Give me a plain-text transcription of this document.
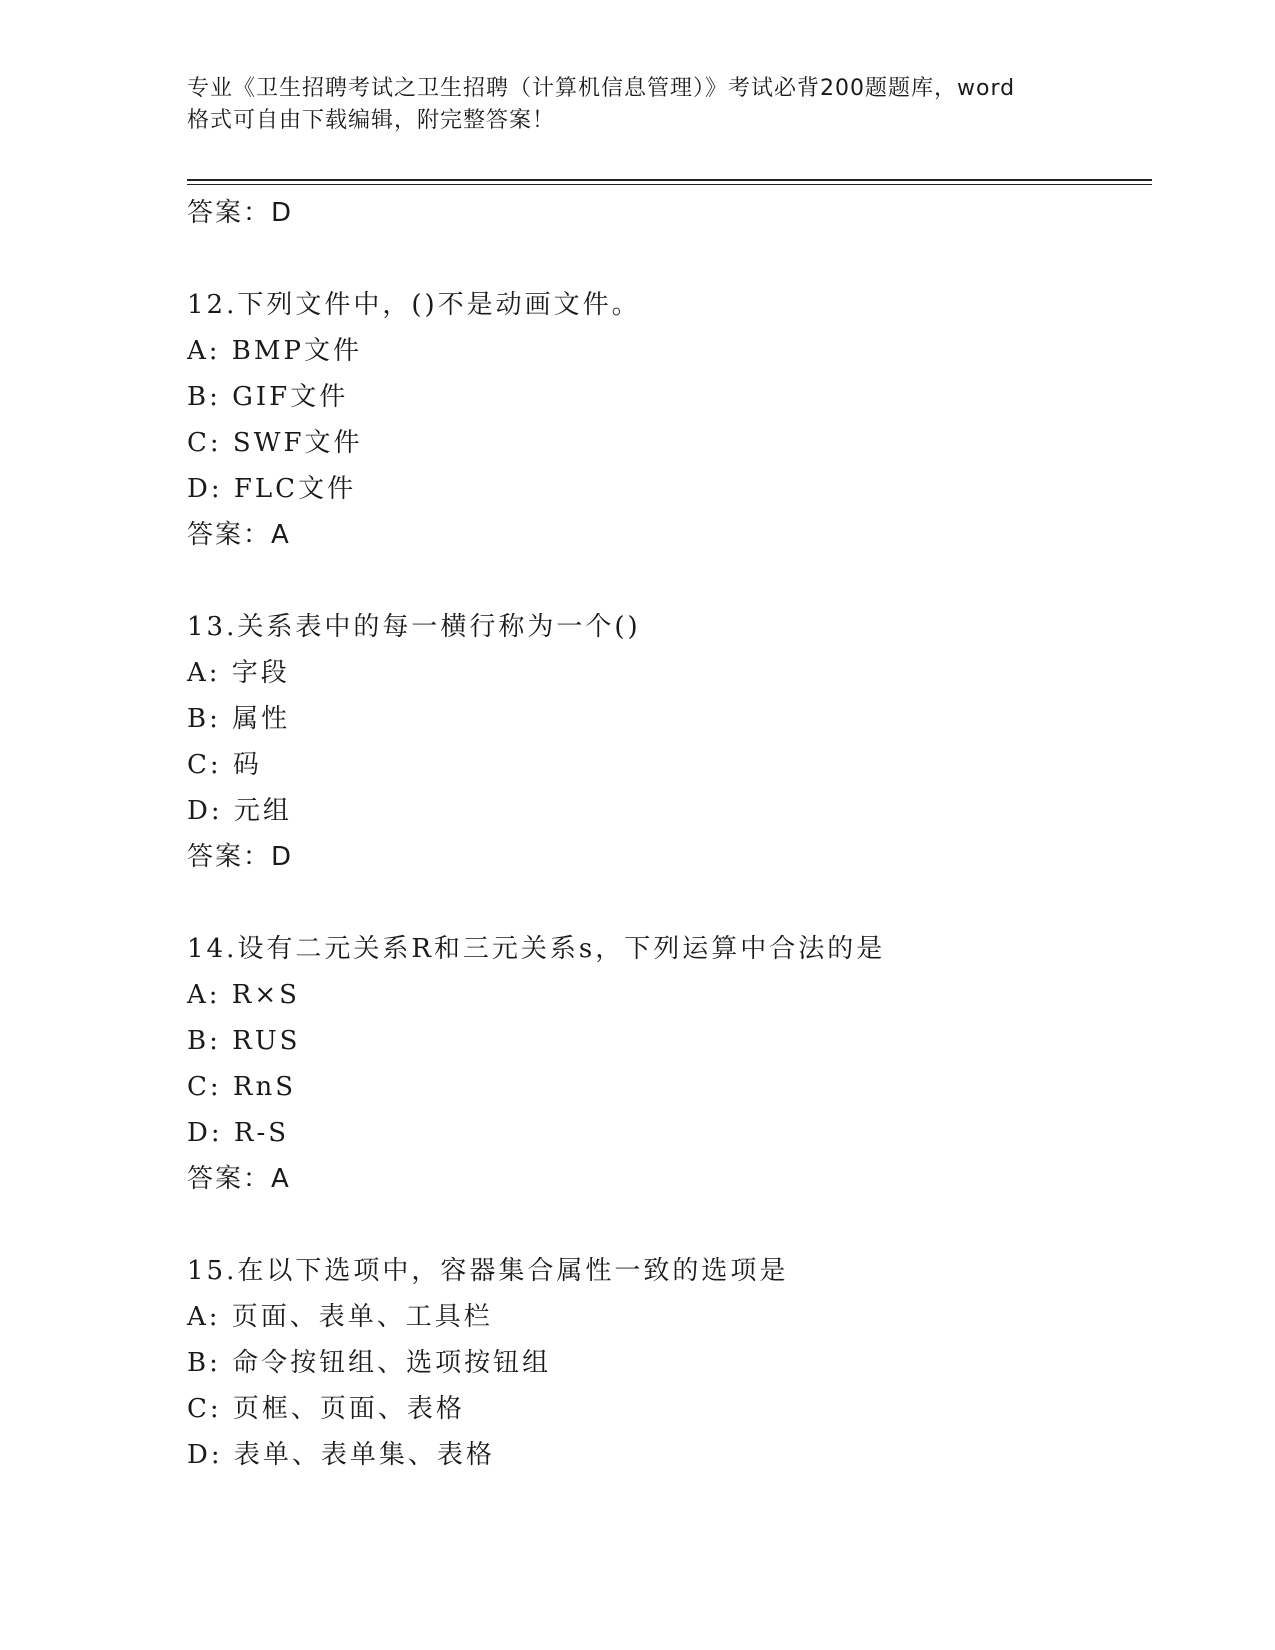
专业《卫生招聘考试之卫生招聘（计算机信息管理）》考试必背200题题库，word
格式可自由下载编辑，附完整答案！
答案：D
12.下列文件中，()不是动画文件。
A: BMP文件
B: GIF文件
C: SWF文件
D: FLC文件
答案：A
13.关系表中的每一横行称为一个()
A: 字段
B: 属性
C: 码
D: 元组
答案：D
14.设有二元关系R和三元关系s，下列运算中合法的是
A: R×S
B: RUS
C: RnS
D: R-S
答案：A
15.在以下选项中，容器集合属性一致的选项是
A: 页面、表单、工具栏
B: 命令按钮组、选项按钮组
C: 页框、页面、表格
D: 表单、表单集、表格
